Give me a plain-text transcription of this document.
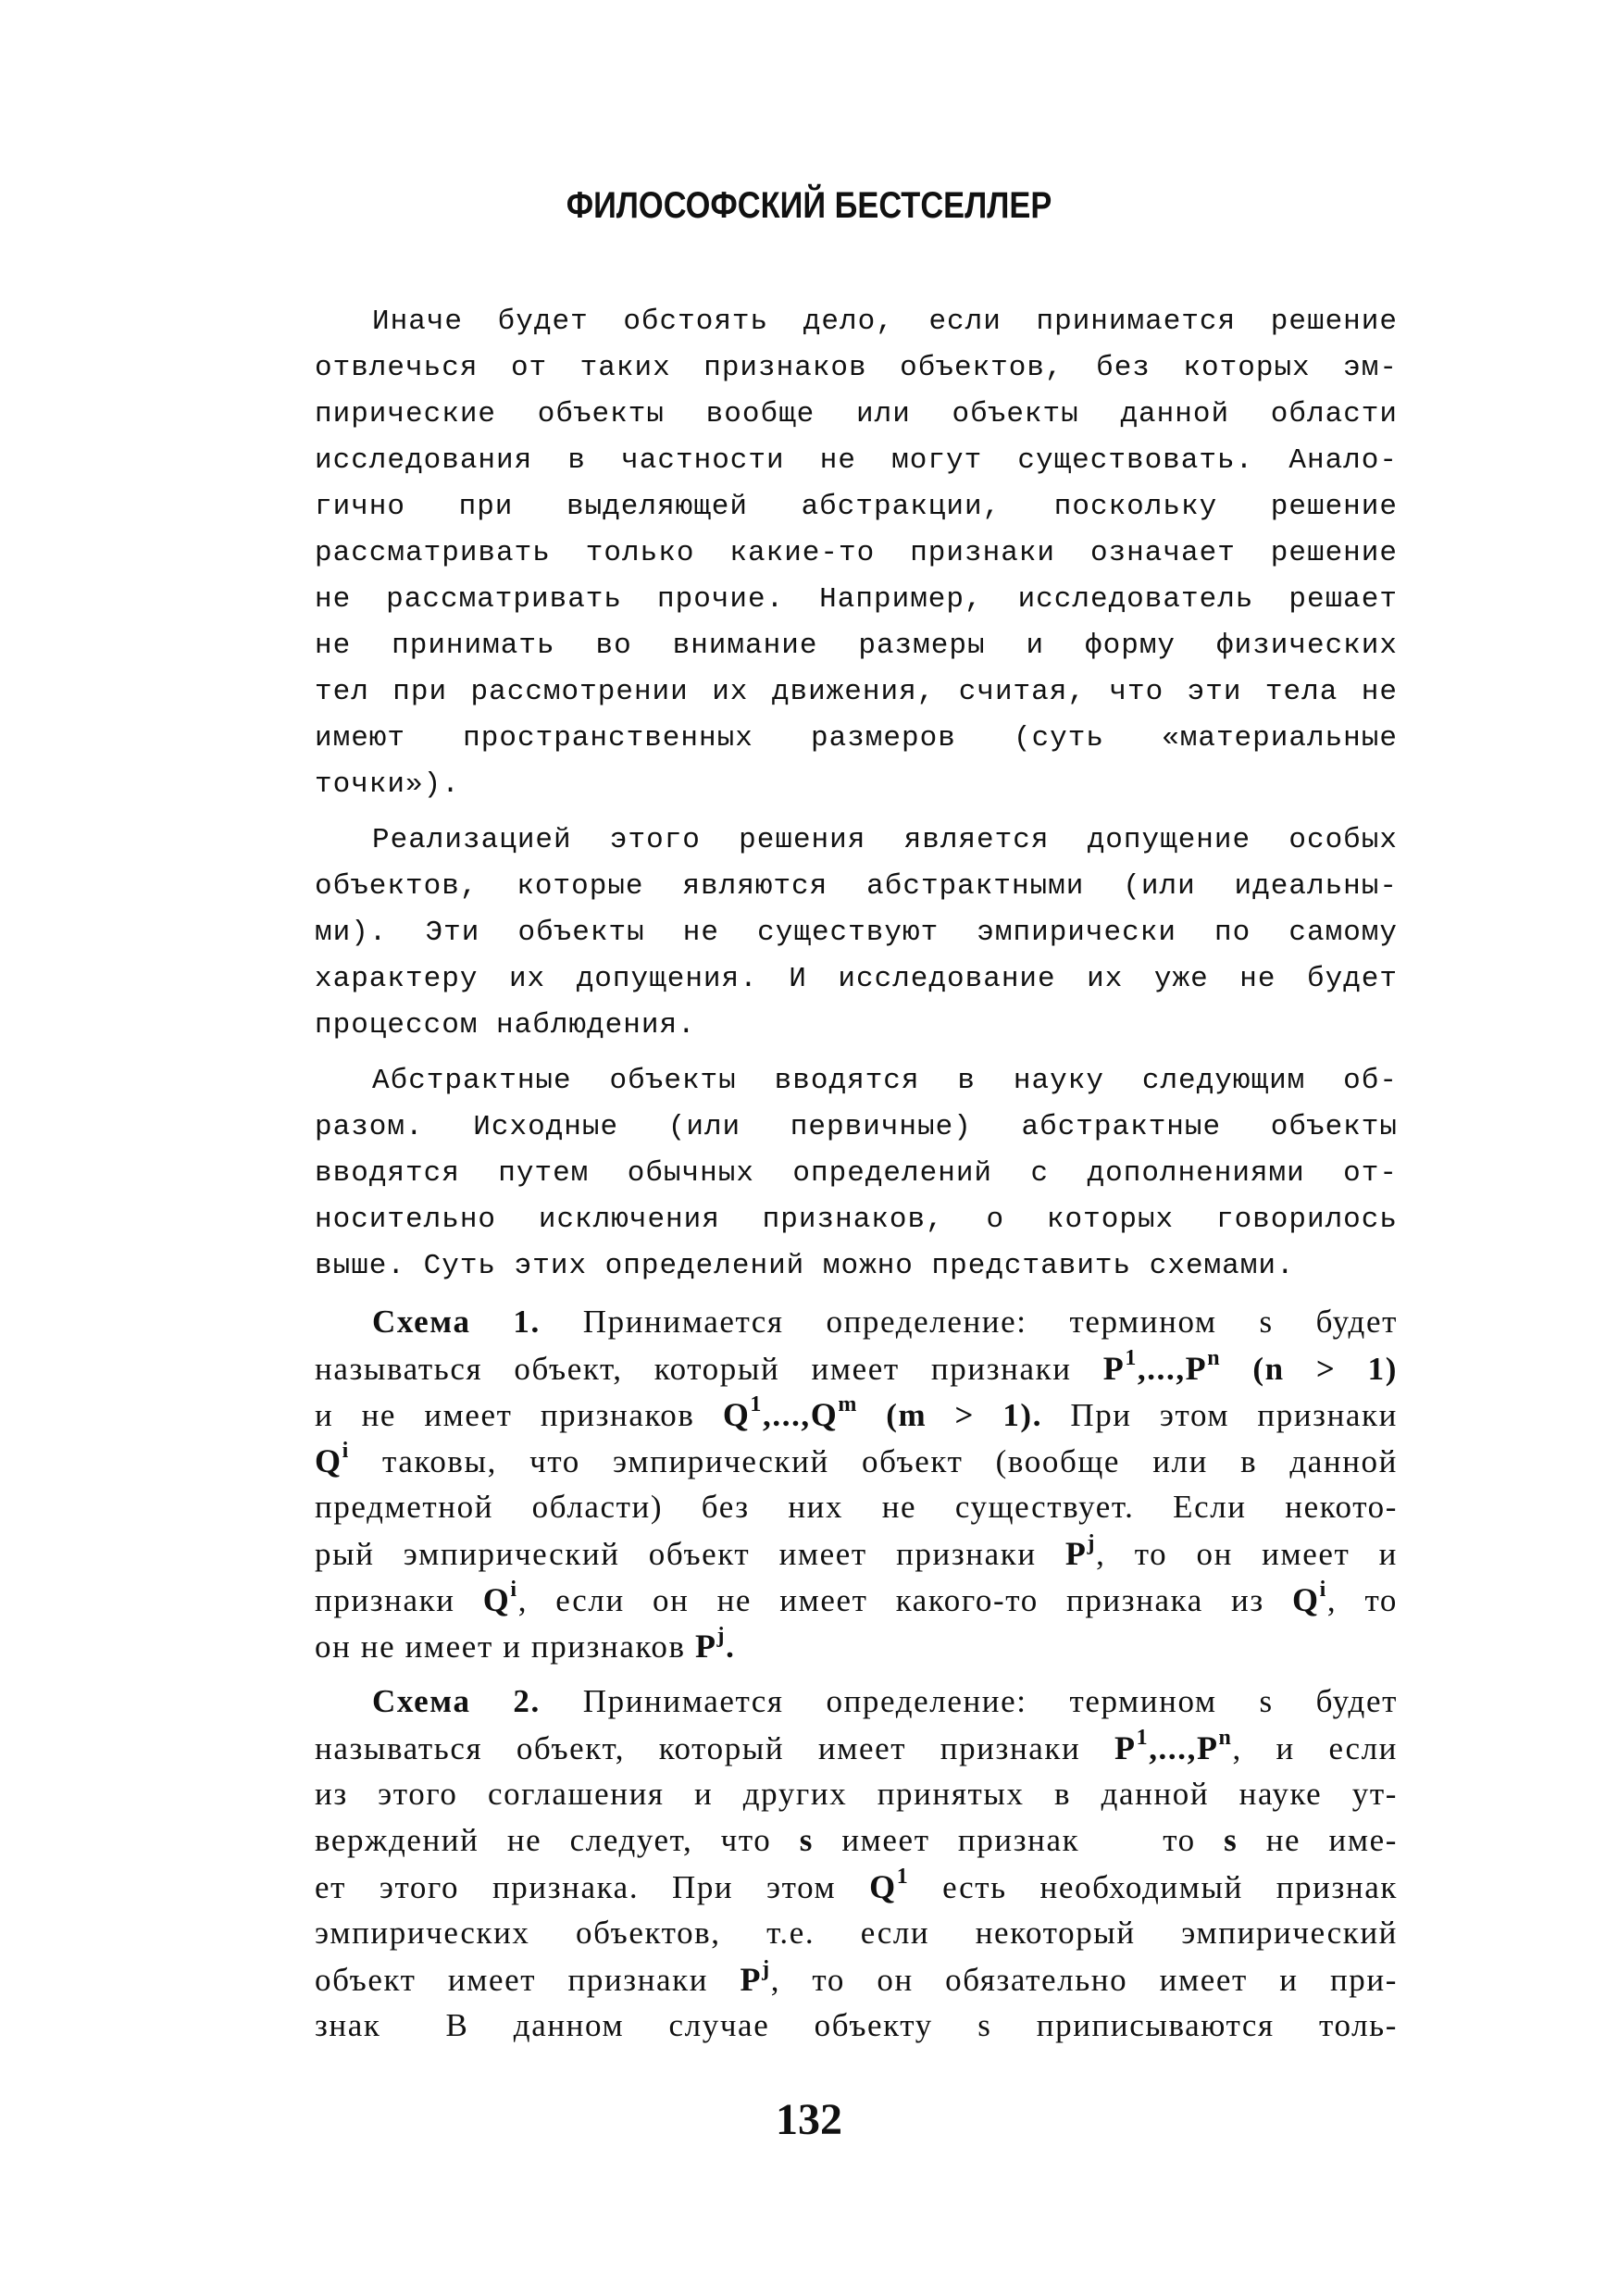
ФИЛОСОФСКИЙ БЕСТСЕЛЛЕР
Иначе будет обстоять дело, если принимается решение
отвлечься от таких признаков объектов, без которых эм-
пирические объекты вообще или объекты данной области
исследования в частности не могут существовать. Анало-
гично при выделяющей абстракции, поскольку решение
рассматривать только какие-то признаки означает решение
не рассматривать прочие. Например, исследователь решает
не принимать во внимание размеры и форму физических
тел при рассмотрении их движения, считая, что эти тела не
имеют пространственных размеров (суть «материальные
точки»).
Реализацией этого решения является допущение особых
объектов, которые являются абстрактными (или идеальны-
ми). Эти объекты не существуют эмпирически по самому
характеру их допущения. И исследование их уже не будет
процессом наблюдения.
Абстрактные объекты вводятся в науку следующим об-
разом. Исходные (или первичные) абстрактные объекты
вводятся путем обычных определений с дополнениями от-
носительно исключения признаков, о которых говорилось
выше. Суть этих определений можно представить схемами.
Схема 1. Принимается определение: термином s будет
называться объект, который имеет признаки $P^1,...,P^n$ (n > 1)
и не имеет признаков $Q^1,...,Q^m$ (m > 1). При этом признаки
$Q^i$ таковы, что эмпирический объект (вообще или в данной
предметной области) без них не существует. Если некото-
рый эмпирический объект имеет признаки $P^j$, то он имеет и
признаки $Q^i$, если он не имеет какого-то признака из $Q^i$, то
он не имеет и признаков $P^j$.
Схема 2. Принимается определение: термином s будет
называться объект, который имеет признаки $P^1,...,P^n$, и если
из этого соглашения и других принятых в данной науке ут-
верждений не следует, что s имеет признак	то s не име-
ет этого признака. При этом $Q^1$ есть необходимый признак
эмпирических объектов, т.е. если некоторый эмпирический
объект имеет признаки $P^j$, то он обязательно имеет и при-
знак В данном случае объекту s приписываются толь-
132
